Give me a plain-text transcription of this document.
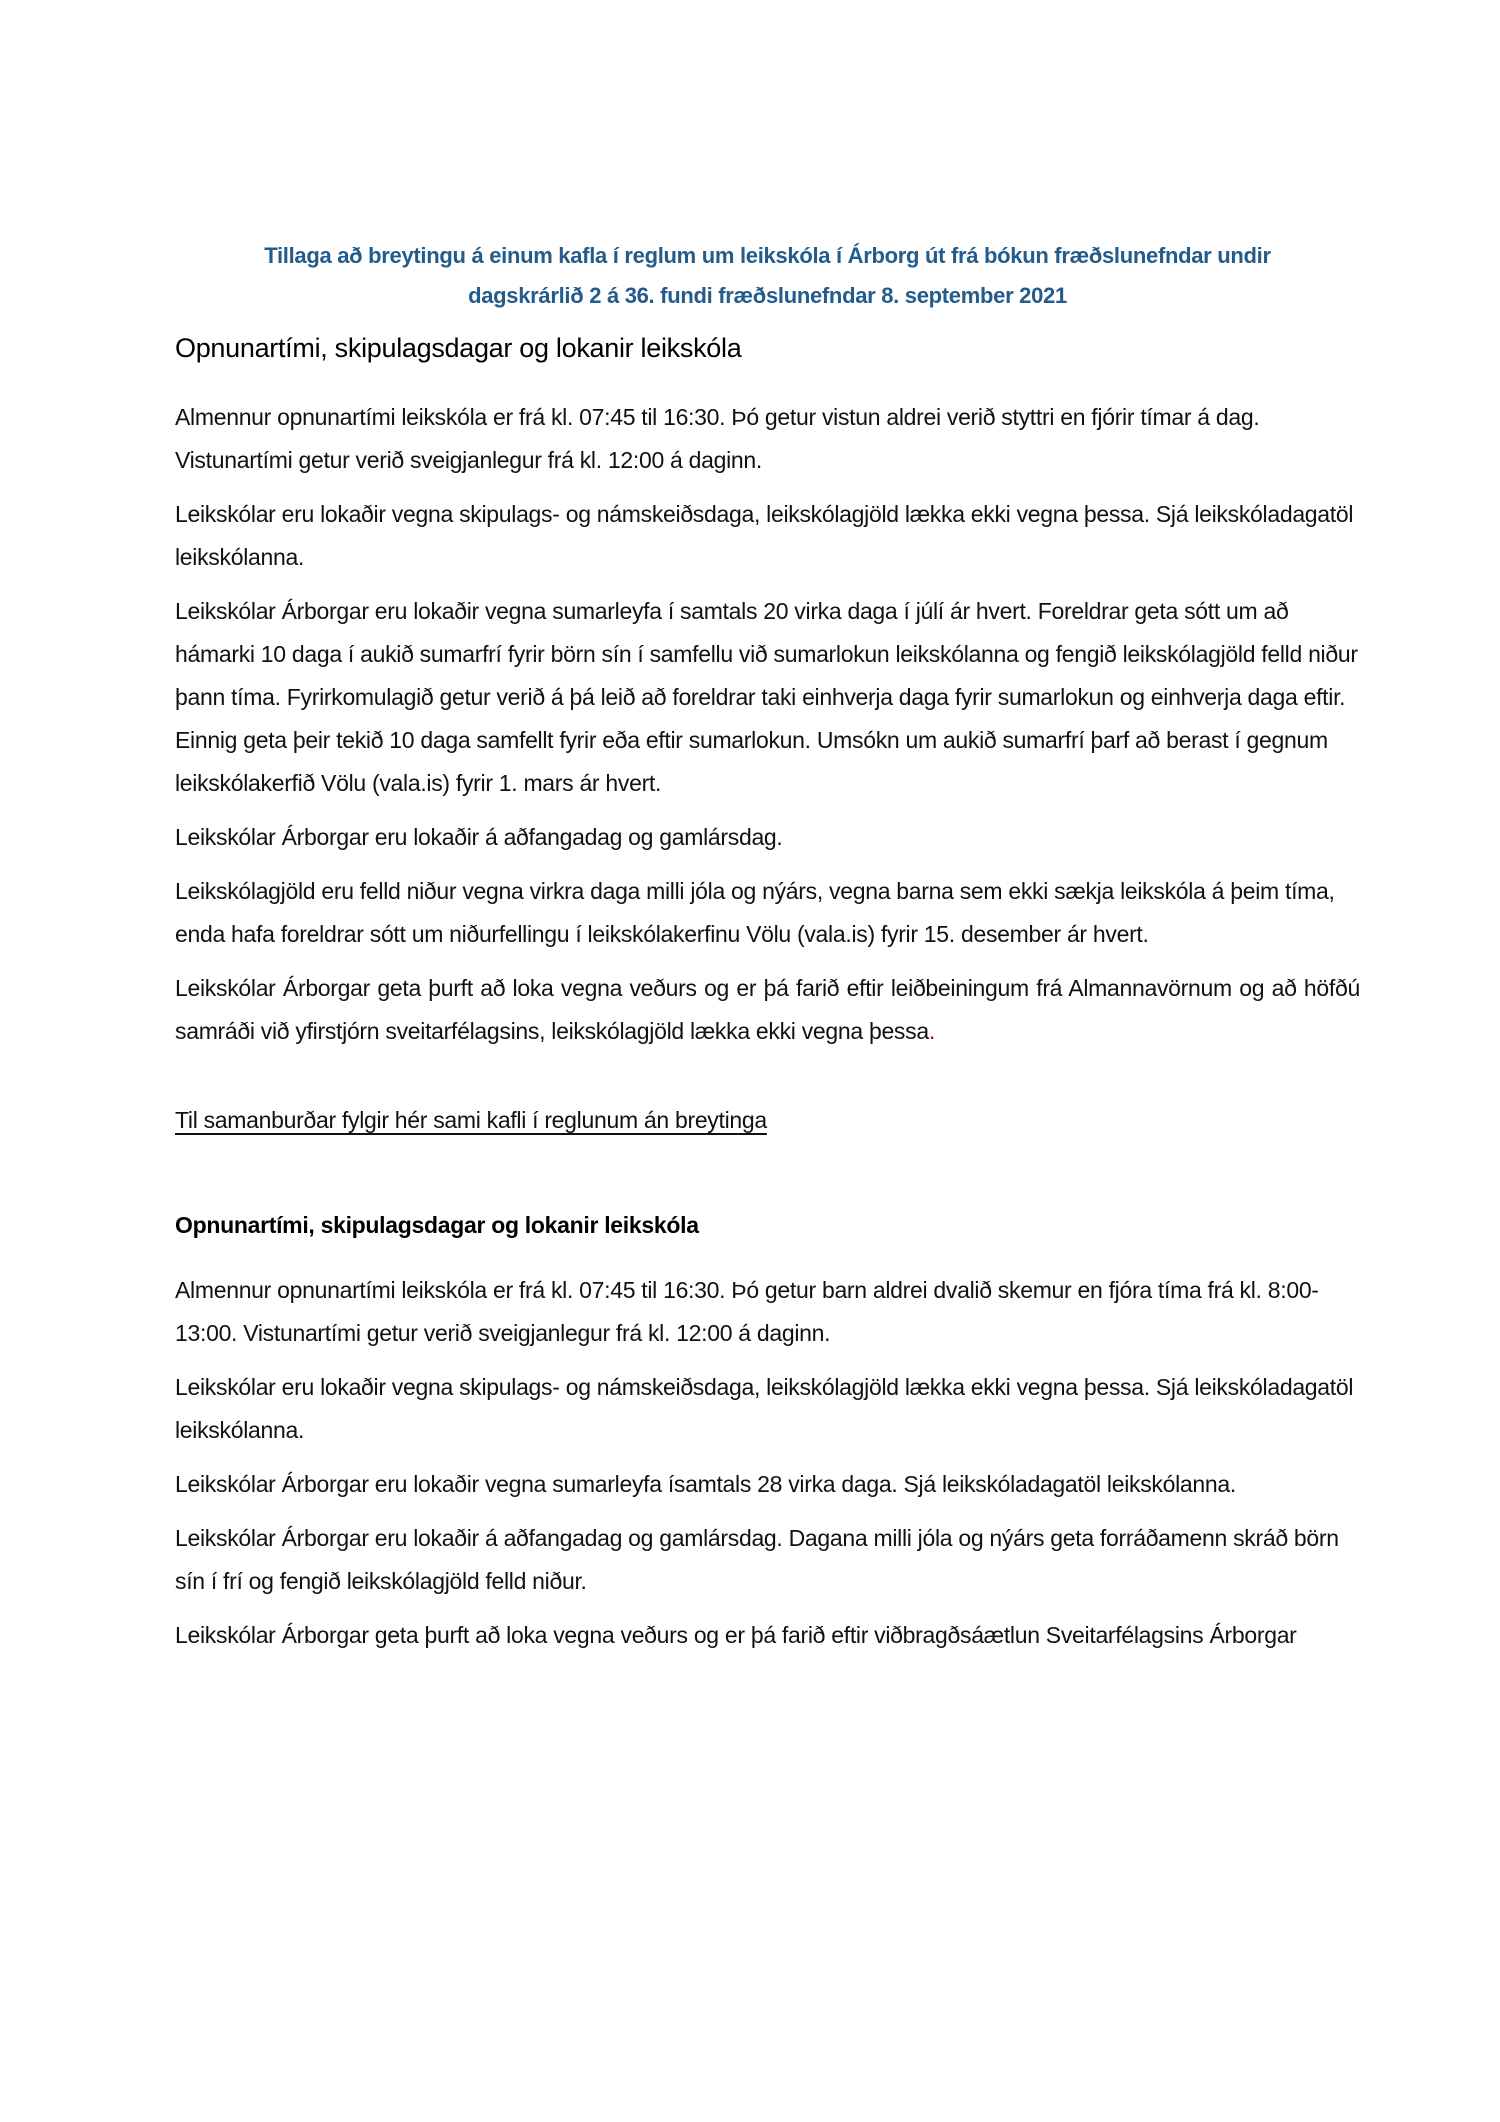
Tillaga að breytingu á einum kafla í reglum um leikskóla í Árborg út frá bókun fræðslunefndar undir
dagskrárlið 2 á 36. fundi fræðslunefndar 8. september 2021
Opnunartími, skipulagsdagar og lokanir leikskóla

Almennur opnunartími leikskóla er frá kl. 07:45 til 16:30. Þó getur vistun aldrei verið styttri en fjórir tímar á dag. Vistunartími getur verið sveigjanlegur frá kl. 12:00 á daginn.

Leikskólar eru lokaðir vegna skipulags- og námskeiðsdaga, leikskólagjöld lækka ekki vegna þessa. Sjá leikskóladagatöl leikskólanna.

Leikskólar Árborgar eru lokaðir vegna sumarleyfa í samtals 20 virka daga í júlí ár hvert. Foreldrar geta sótt um að hámarki 10 daga í aukið sumarfrí fyrir börn sín í samfellu við sumarlokun leikskólanna og fengið leikskólagjöld felld niður þann tíma. Fyrirkomulagið getur verið á þá leið að foreldrar taki einhverja daga fyrir sumarlokun og einhverja daga eftir. Einnig geta þeir tekið 10 daga samfellt fyrir eða eftir sumarlokun. Umsókn um aukið sumarfrí þarf að berast í gegnum leikskólakerfið Völu (vala.is) fyrir 1. mars ár hvert.

Leikskólar Árborgar eru lokaðir á aðfangadag og gamlársdag.

Leikskólagjöld eru felld niður vegna virkra daga milli jóla og nýárs, vegna barna sem ekki sækja leikskóla á þeim tíma, enda hafa foreldrar sótt um niðurfellingu í leikskólakerfinu Völu (vala.is) fyrir 15. desember ár hvert.

Leikskólar Árborgar geta þurft að loka vegna veðurs og er þá farið eftir leiðbeiningum frá Almannavörnum og að höfðú samráði við yfirstjórn sveitarfélagsins, leikskólagjöld lækka ekki vegna þessa.

Til samanburðar fylgir hér sami kafli í reglunum án breytinga
Opnunartími, skipulagsdagar og lokanir leikskóla

Almennur opnunartími leikskóla er frá kl. 07:45 til 16:30. Þó getur barn aldrei dvalið skemur en fjóra tíma frá kl. 8:00-13:00. Vistunartími getur verið sveigjanlegur frá kl. 12:00 á daginn.

Leikskólar eru lokaðir vegna skipulags- og námskeiðsdaga, leikskólagjöld lækka ekki vegna þessa. Sjá leikskóladagatöl leikskólanna.

Leikskólar Árborgar eru lokaðir vegna sumarleyfa ísamtals 28 virka daga. Sjá leikskóladagatöl leikskólanna.

Leikskólar Árborgar eru lokaðir á aðfangadag og gamlársdag. Dagana milli jóla og nýárs geta forráðamenn skráð börn sín í frí og fengið leikskólagjöld felld niður.

Leikskólar Árborgar geta þurft að loka vegna veðurs og er þá farið eftir viðbragðsáætlun Sveitarfélagsins Árborgar
